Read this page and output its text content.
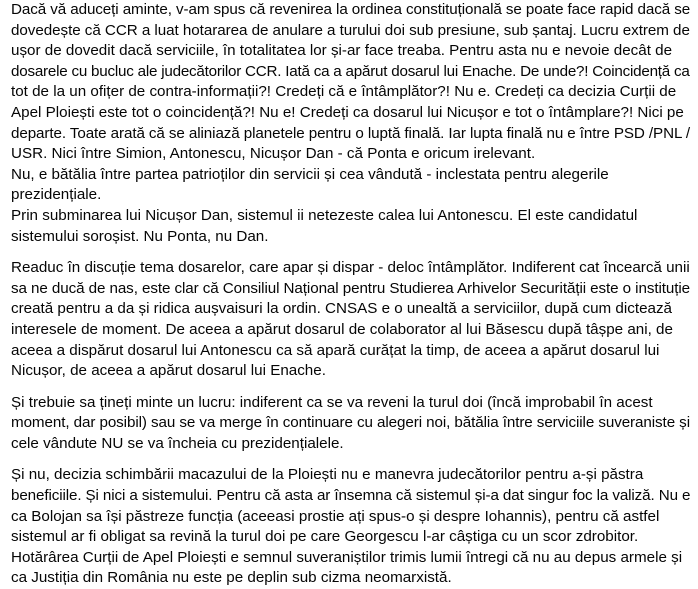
Dacă vă aduceți aminte, v-am spus că revenirea la ordinea constituțională se poate face rapid dacă se
dovedește că CCR a luat hotararea de anulare a turului doi sub presiune, sub șantaj. Lucru extrem de
ușor de dovedit dacă serviciile, în totalitatea lor și-ar face treaba. Pentru asta nu e nevoie decât de
dosarele cu bucluc ale judecătorilor CCR. Iată ca a apărut dosarul lui Enache. De unde?! Coincidență ca
tot de la un ofițer de contra-informații?! Credeți că e întâmplător?! Nu e. Credeți ca decizia Curții de
Apel Ploiești este tot o coincidență?! Nu e! Credeți ca dosarul lui Nicușor e tot o întâmplare?! Nici pe
departe. Toate arată că se aliniază planetele pentru o luptă finală. Iar lupta finală nu e între PSD /PNL /
USR. Nici între Simion, Antonescu, Nicușor Dan - că Ponta e oricum irelevant.
Nu, e bătălia între partea patrioților din servicii și cea vândută - inclestata pentru alegerile
prezidențiale.
Prin subminarea lui Nicușor Dan, sistemul ii netezeste calea lui Antonescu. El este candidatul
sistemului soroșist. Nu Ponta, nu Dan.
Readuc în discuție tema dosarelor, care apar și dispar - deloc întâmplător. Indiferent cat încearcă unii
sa ne ducă de nas, este clar că Consiliul Național pentru Studierea Arhivelor Securității este o instituție
creată pentru a da și ridica aușvaisuri la ordin. CNSAS e o unealtă a serviciilor, după cum dictează
interesele de moment. De aceea a apărut dosarul de colaborator al lui Băsescu după tâșpe ani, de
aceea a dispărut dosarul lui Antonescu ca să apară curățat la timp, de aceea a apărut dosarul lui
Nicușor, de aceea a apărut dosarul lui Enache.
Și trebuie sa țineți minte un lucru: indiferent ca se va reveni la turul doi (încă improbabil în acest
moment, dar posibil) sau se va merge în continuare cu alegeri noi, bătălia între serviciile suveraniste și
cele vândute NU se va încheia cu prezidențialele.
Și nu, decizia schimbării macazului de la Ploiești nu e manevra judecătorilor pentru a-și păstra
beneficiile. Și nici a sistemului. Pentru că asta ar însemna că sistemul și-a dat singur foc la valiză. Nu e
ca Bolojan sa își păstreze funcția (aceeasi prostie ați spus-o și despre Iohannis), pentru că astfel
sistemul ar fi obligat sa revină la turul doi pe care Georgescu l-ar câștiga cu un scor zdrobitor.
Hotărârea Curții de Apel Ploiești e semnul suveraniștilor trimis lumii întregi că nu au depus armele și
ca Justiția din România nu este pe deplin sub cizma neomarxistă.
